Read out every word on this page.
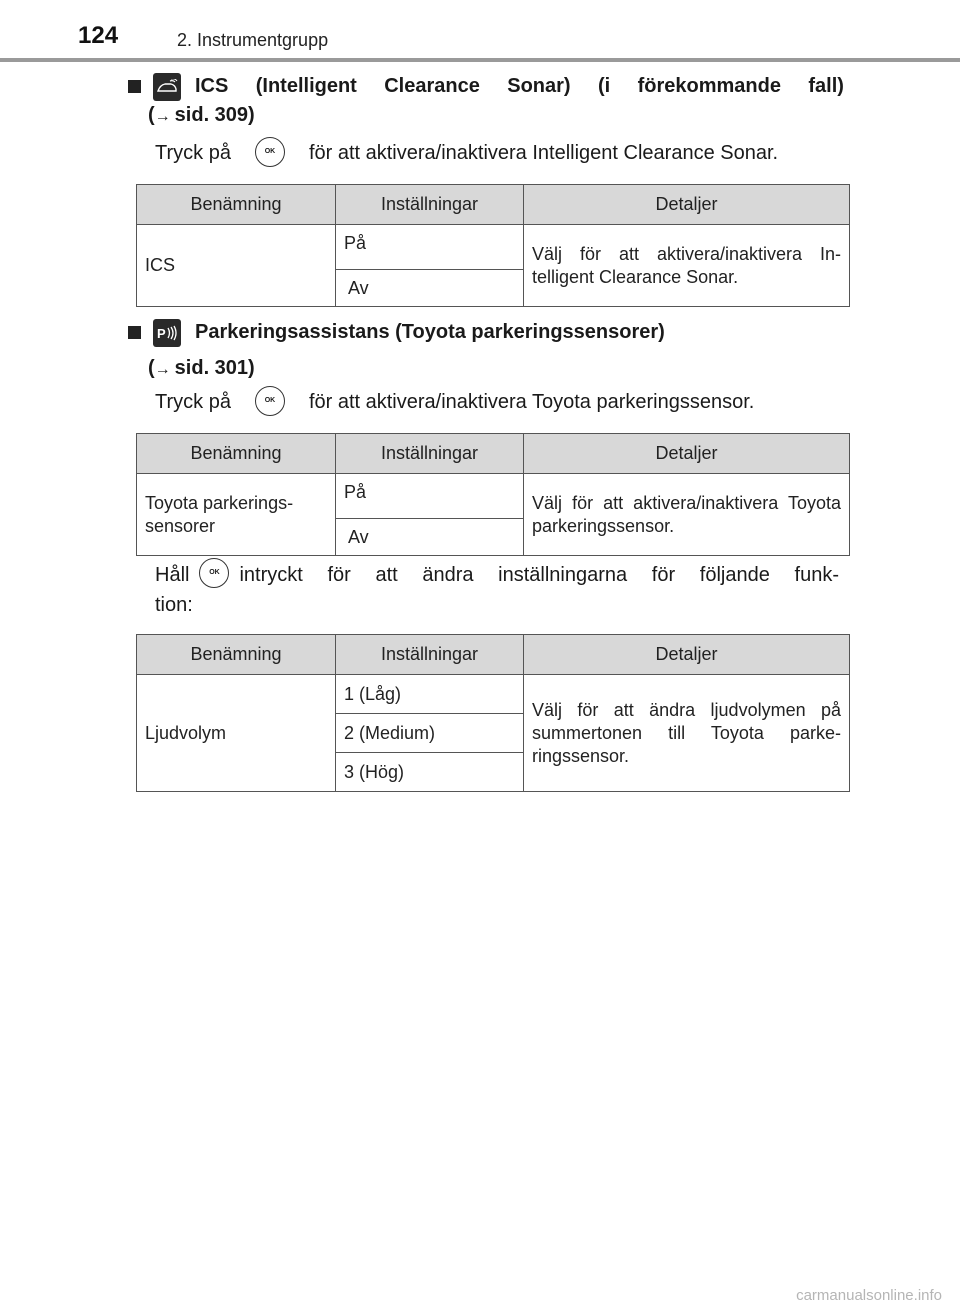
124	2. Instrumentgrupp
ICS (Intelligent Clearance Sonar) (i förekommande fall)
(→ sid. 309)
Tryck på	OK för att aktivera/inaktivera Intelligent Clearance Sonar.
Benämning	Inställningar	Detaljer
ICS	På	Välj för att aktivera/inaktivera Intelligent Clearance Sonar.
	Av	
P Parkeringsassistans (Toyota parkeringssensorer)
(→ sid. 301)
Tryck på	OK för att aktivera/inaktivera Toyota parkeringssensor.
Benämning	Inställningar	Detaljer
Toyota parkeringssensorer	På	Välj för att aktivera/inaktivera Toyota parkeringssensor.
	Av	
Håll	OK intryckt för att ändra inställningarna för följande funk-
tion:
Benämning	Inställningar	Detaljer
Ljudvolym	1 (Låg)	Välj för att ändra ljudvolymen på summertonen till Toyota parkeringssensor.
	2 (Medium)	
	3 (Hög)	
carmanualsonline.info
